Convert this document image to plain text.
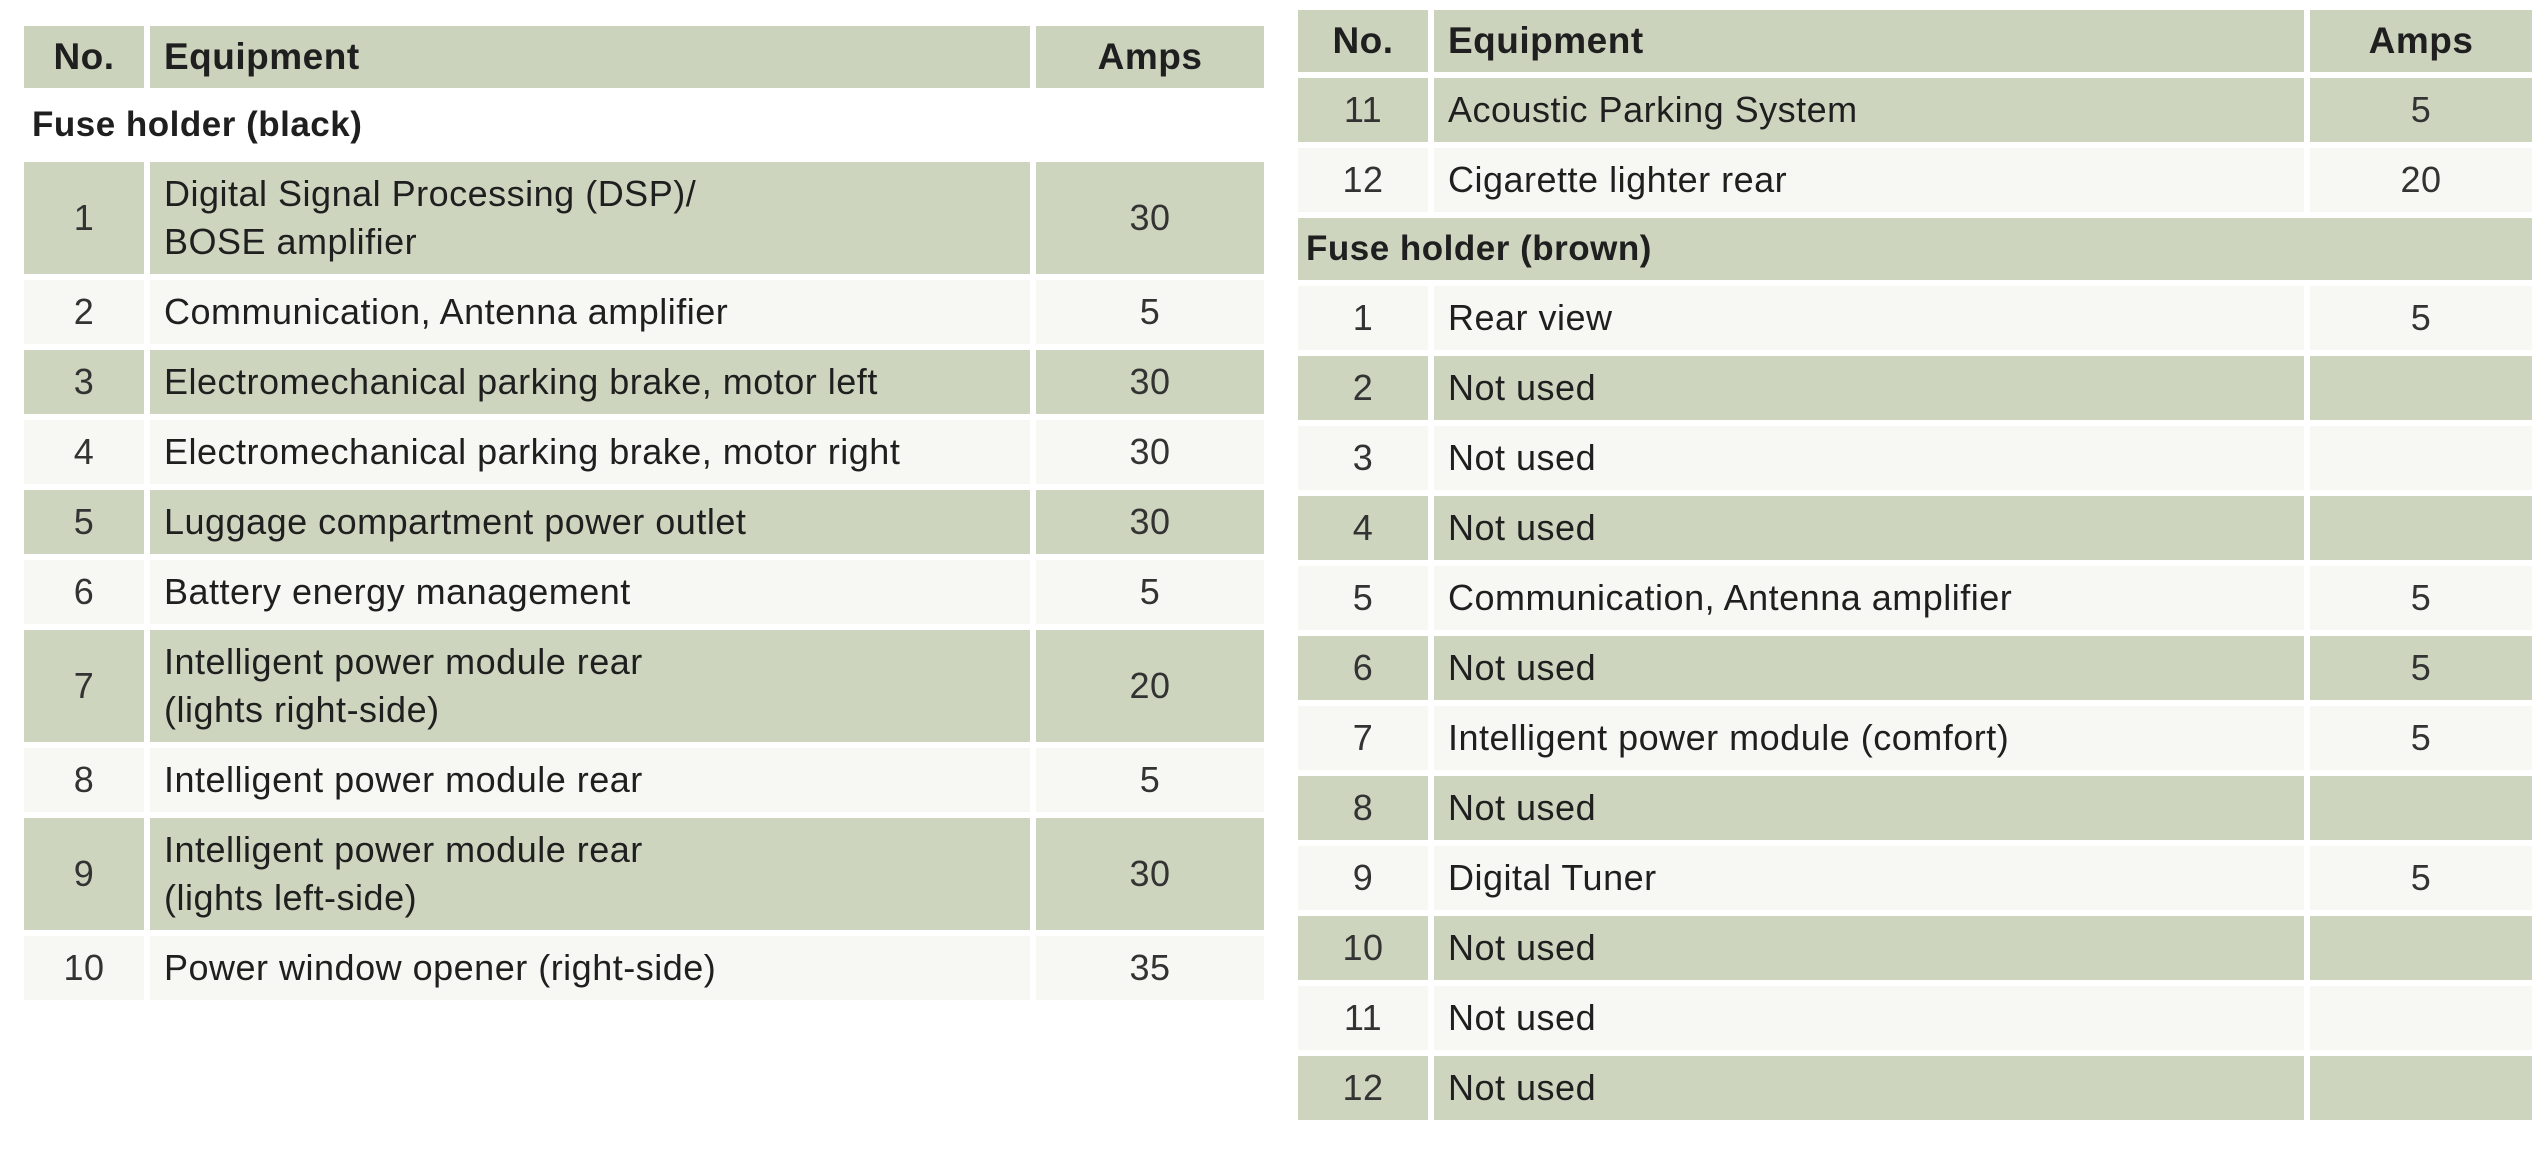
No.	Equipment	Amps
Fuse holder (black)		
1	Digital Signal Processing (DSP)/
BOSE amplifier	30
2	Communication, Antenna amplifier	5
3	Electromechanical parking brake, motor left	30
4	Electromechanical parking brake, motor right	30
5	Luggage compartment power outlet	30
6	Battery energy management	5
7	Intelligent power module rear
(lights right-side)	20
8	Intelligent power module rear	5
9	Intelligent power module rear
(lights left-side)	30
10	Power window opener (right-side)	35
No.	Equipment	Amps
11	Acoustic Parking System	5
12	Cigarette lighter rear	20
Fuse holder (brown)		
1	Rear view	5
2	Not used	
3	Not used	
4	Not used	
5	Communication, Antenna amplifier	5
6	Not used	5
7	Intelligent power module (comfort)	5
8	Not used	
9	Digital Tuner	5
10	Not used	
11	Not used	
12	Not used	
